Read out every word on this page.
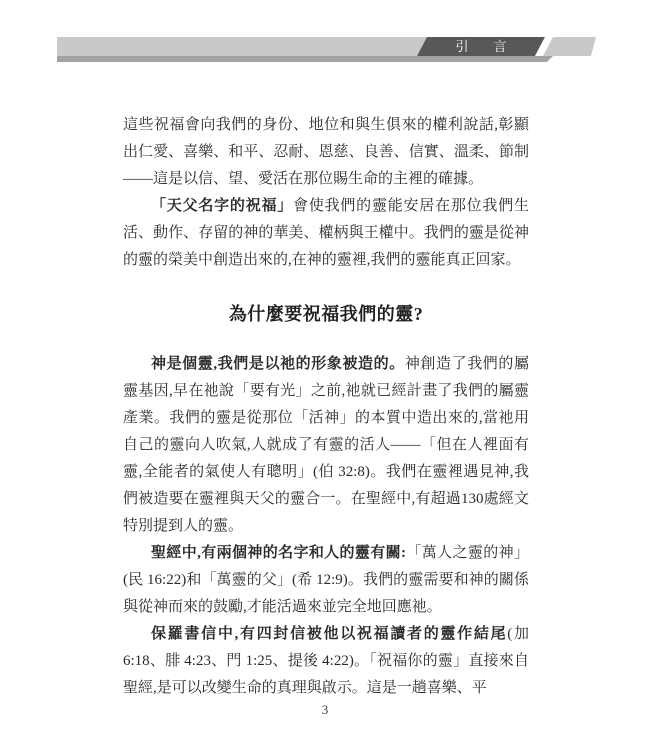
引　言

這些祝福會向我們的身份、地位和與生俱來的權利說話,彰顯出仁愛、喜樂、和平、忍耐、恩慈、良善、信實、溫柔、節制——這是以信、望、愛活在那位賜生命的主裡的確據。

「天父名字的祝福」會使我們的靈能安居在那位我們生活、動作、存留的神的華美、權柄與王權中。我們的靈是從神的靈的榮美中創造出來的,在神的靈裡,我們的靈能真正回家。

為什麼要祝福我們的靈?

神是個靈,我們是以祂的形象被造的。神創造了我們的屬靈基因,早在祂說「要有光」之前,祂就已經計畫了我們的屬靈產業。我們的靈是從那位「活神」的本質中造出來的,當祂用自己的靈向人吹氣,人就成了有靈的活人——「但在人裡面有靈,全能者的氣使人有聰明」(伯 32:8)。我們在靈裡遇見神,我們被造要在靈裡與天父的靈合一。在聖經中,有超過130處經文特別提到人的靈。

聖經中,有兩個神的名字和人的靈有關:「萬人之靈的神」(民 16:22)和「萬靈的父」(希 12:9)。我們的靈需要和神的關係與從神而來的鼓勵,才能活過來並完全地回應祂。

保羅書信中,有四封信被他以祝福讀者的靈作結尾(加 6:18、腓 4:23、門 1:25、提後 4:22)。「祝福你的靈」直接來自聖經,是可以改變生命的真理與啟示。這是一趟喜樂、平

3
